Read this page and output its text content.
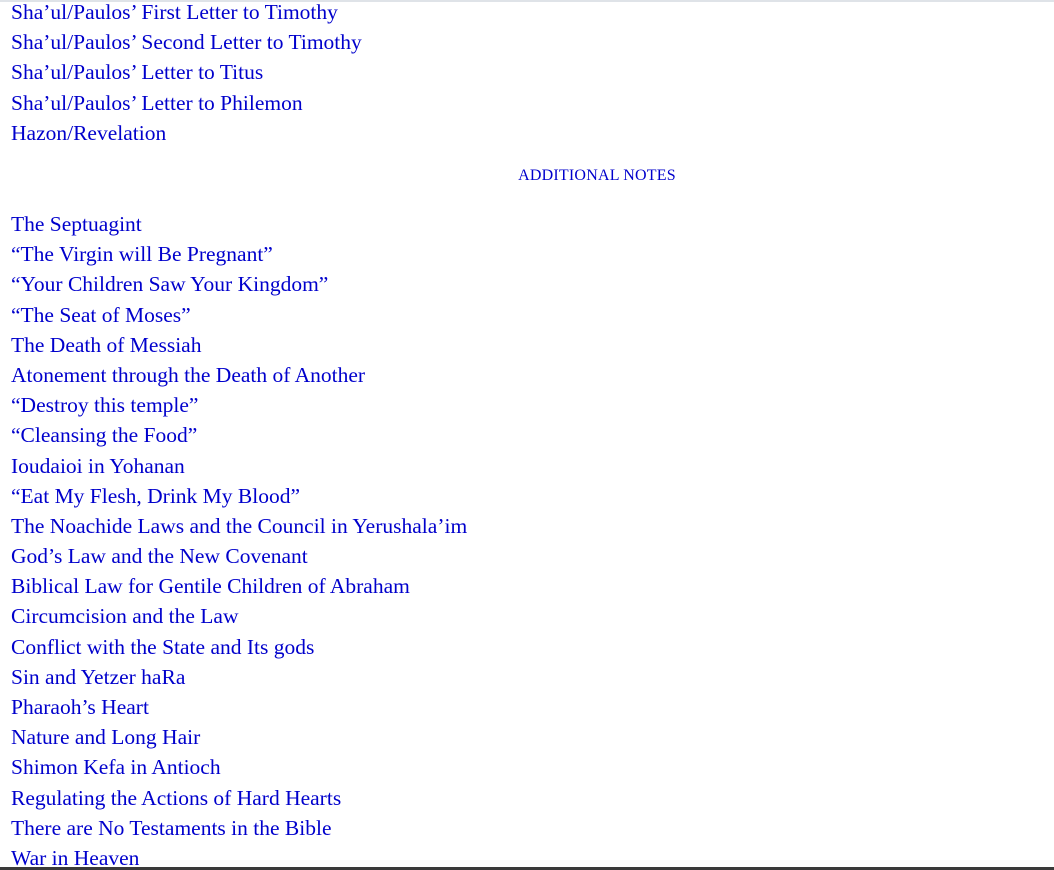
Sha’ul/Paulos’ First Letter to Timothy
Sha’ul/Paulos’ Second Letter to Timothy
Sha’ul/Paulos’ Letter to Titus
Sha’ul/Paulos’ Letter to Philemon
Hazon/Revelation
ADDITIONAL NOTES
The Septuagint
“The Virgin will Be Pregnant”
“Your Children Saw Your Kingdom”
“The Seat of Moses”
The Death of Messiah
Atonement through the Death of Another
“Destroy this temple”
“Cleansing the Food”
Ioudaioi in Yohanan
“Eat My Flesh, Drink My Blood”
The Noachide Laws and the Council in Yerushala’im
God’s Law and the New Covenant
Biblical Law for Gentile Children of Abraham
Circumcision and the Law
Conflict with the State and Its gods
Sin and Yetzer haRa
Pharaoh’s Heart
Nature and Long Hair
Shimon Kefa in Antioch
Regulating the Actions of Hard Hearts
There are No Testaments in the Bible
War in Heaven
